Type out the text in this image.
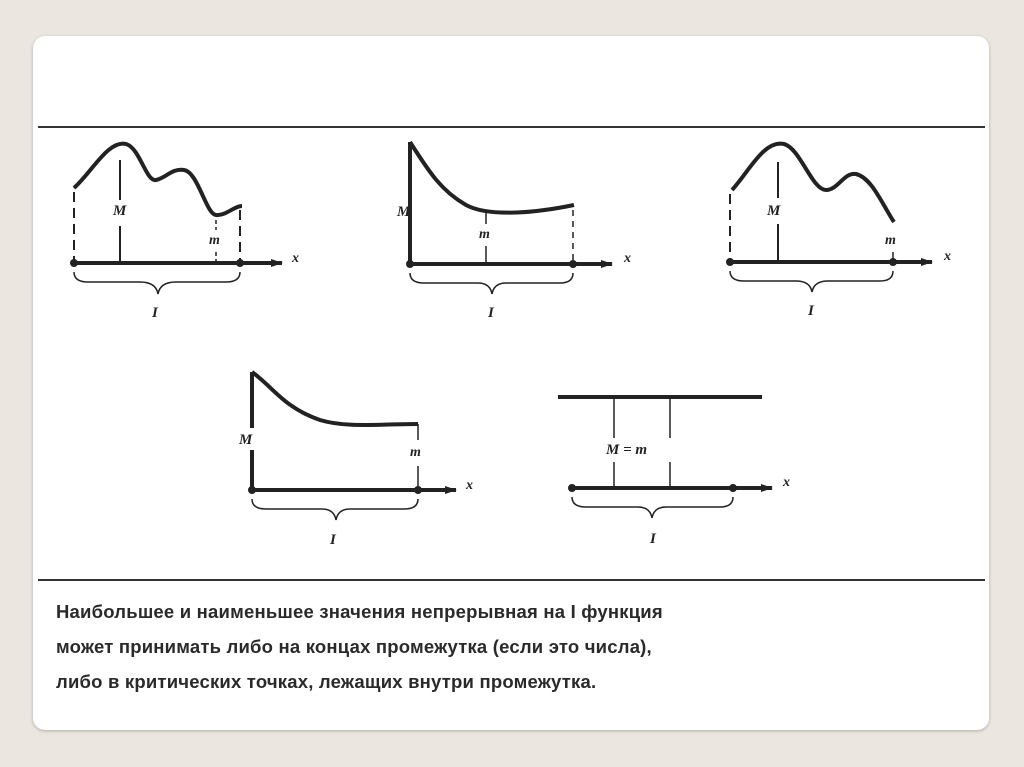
M
m
x
I
M
m
x
I
M
m
x
I
M
m
x
I
M = m
x
I
Наибольшее и наименьшее значения непрерывная на I функция
может принимать либо на концах промежутка (если это числа),
либо в критических точках, лежащих внутри промежутка.
